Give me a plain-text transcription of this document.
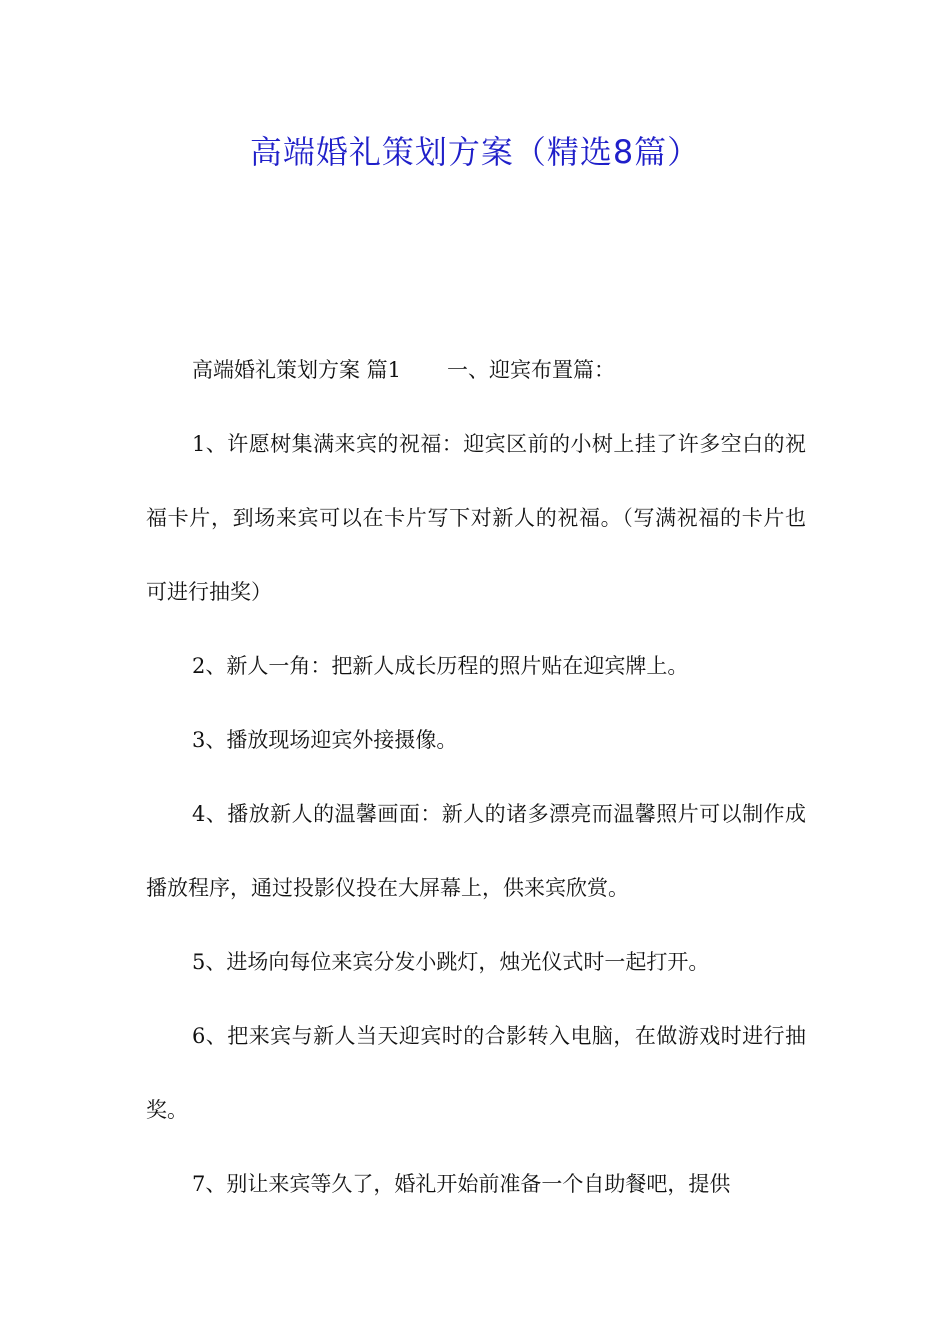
高端婚礼策划方案（精选8篇）

高端婚礼策划方案 篇1 一、迎宾布置篇：

1、许愿树集满来宾的祝福：迎宾区前的小树上挂了许多空白的祝福卡片，到场来宾可以在卡片写下对新人的祝福。（写满祝福的卡片也可进行抽奖）

2、新人一角：把新人成长历程的照片贴在迎宾牌上。

3、播放现场迎宾外接摄像。

4、播放新人的温馨画面：新人的诸多漂亮而温馨照片可以制作成播放程序，通过投影仪投在大屏幕上，供来宾欣赏。

5、进场向每位来宾分发小跳灯，烛光仪式时一起打开。

6、把来宾与新人当天迎宾时的合影转入电脑，在做游戏时进行抽奖。

7、别让来宾等久了，婚礼开始前准备一个自助餐吧，提供
